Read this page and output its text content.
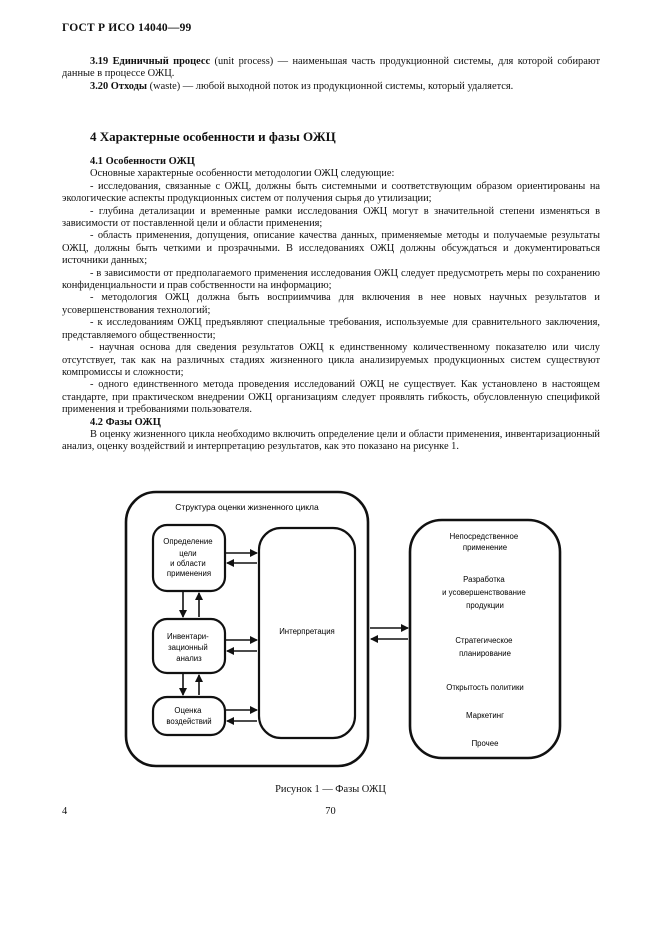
ГОСТ Р ИСО 14040—99

3.19 Единичный процесс (unit process) — наименьшая часть продукционной системы, для которой собирают данные в процессе ОЖЦ.

3.20 Отходы (waste) — любой выходной поток из продукционной системы, который удаляется.

4 Характерные особенности и фазы ОЖЦ

4.1 Особенности ОЖЦ

Основные характерные особенности методологии ОЖЦ следующие:

- исследования, связанные с ОЖЦ, должны быть системными и соответствующим образом ориентированы на экологические аспекты продукционных систем от получения сырья до утилизации;

- глубина детализации и временные рамки исследования ОЖЦ могут в значительной степени изменяться в зависимости от поставленной цели и области применения;

- область применения, допущения, описание качества данных, применяемые методы и получаемые результаты ОЖЦ, должны быть четкими и прозрачными. В исследованиях ОЖЦ должны обсуждаться и документироваться источники данных;

- в зависимости от предполагаемого применения исследования ОЖЦ следует предусмотреть меры по сохранению конфиденциальности и прав собственности на информацию;

- методология ОЖЦ должна быть восприимчива для включения в нее новых научных результатов и усовершенствования технологий;

- к исследованиям ОЖЦ предъявляют специальные требования, используемые для сравнительного заключения, представляемого общественности;

- научная основа для сведения результатов ОЖЦ к единственному количественному показателю или числу отсутствует, так как на различных стадиях жизненного цикла анализируемых продукционных систем существуют компромиссы и сложности;

- одного единственного метода проведения исследований ОЖЦ не существует. Как установлено в настоящем стандарте, при практическом внедрении ОЖЦ организациям следует проявлять гибкость, обусловленную спецификой применения и требованиями пользователя.

4.2 Фазы ОЖЦ

В оценку жизненного цикла необходимо включить определение цели и области применения, инвентаризационный анализ, оценку воздействий и интерпретацию результатов, как это показано на рисунке 1.

Структура оценки жизненного цикла
Определение цели и области применения
Инвентари- зационный анализ
Оценка воздействий
Интерпретация
Непосредственное применение
Разработка и усовершенствование продукции
Стратегическое планирование
Открытость политики
Маркетинг
Прочее
Рисунок 1 — Фазы ОЖЦ
4	70
